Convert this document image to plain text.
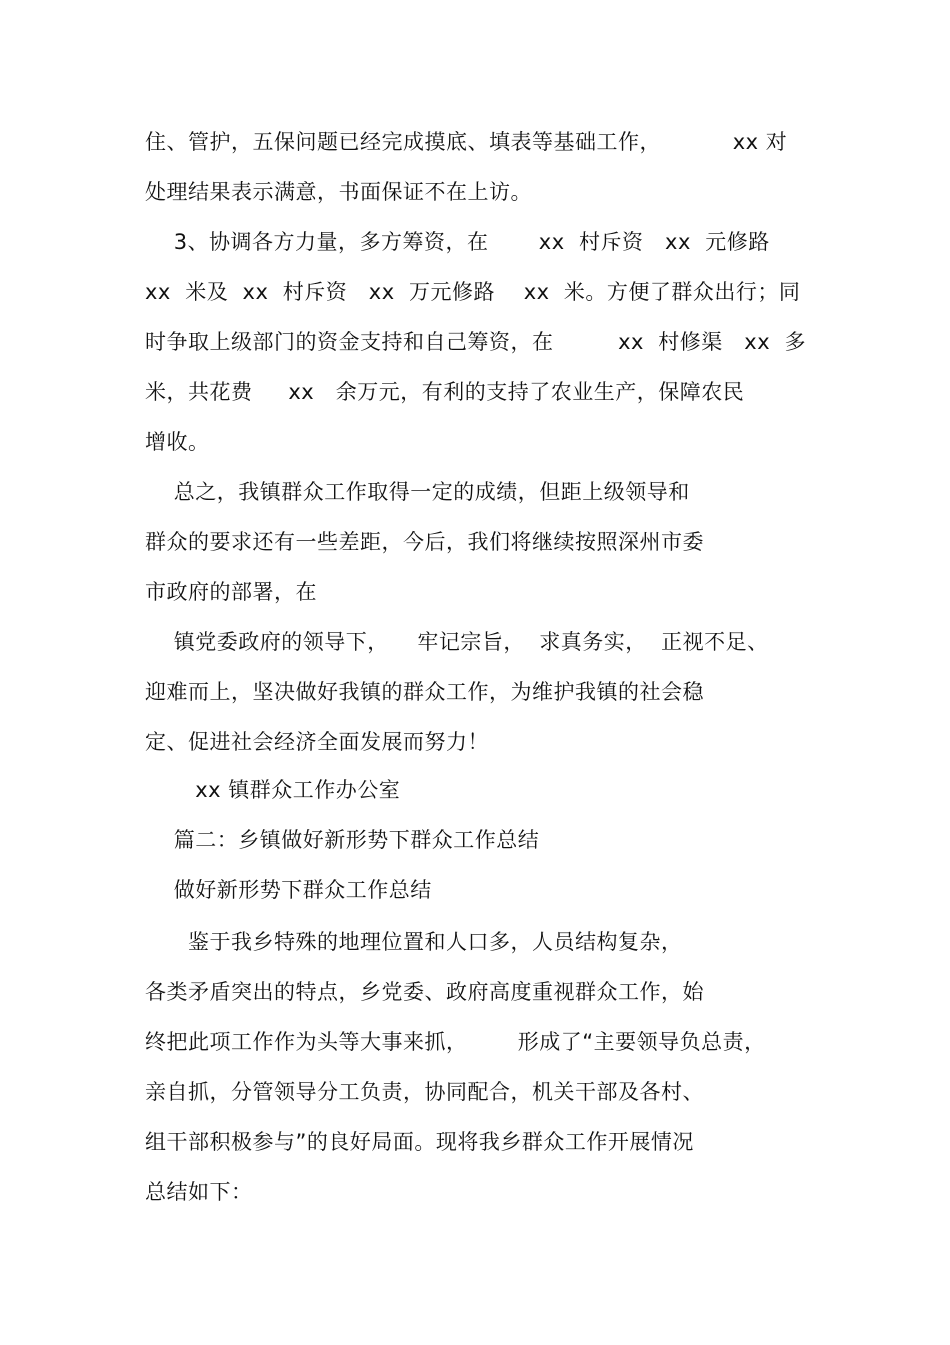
住、管护，五保问题已经完成摸底、填表等基础工作，          xx 对
处理结果表示满意，书面保证不在上访。
3、协调各方力量，多方筹资，在       xx  村斥资   xx  元修路
xx  米及  xx  村斥资   xx  万元修路    xx  米。方便了群众出行；同
时争取上级部门的资金支持和自己筹资，在         xx  村修渠   xx  多
米，共花费     xx   余万元，有利的支持了农业生产，保障农民
增收。
总之，我镇群众工作取得一定的成绩，但距上级领导和
群众的要求还有一些差距，今后，我们将继续按照深州市委
市政府的部署，在
镇党委政府的领导下，    牢记宗旨，  求真务实，  正视不足、
迎难而上，坚决做好我镇的群众工作，为维护我镇的社会稳
定、促进社会经济全面发展而努力！
xx 镇群众工作办公室
篇二：乡镇做好新形势下群众工作总结
做好新形势下群众工作总结
鉴于我乡特殊的地理位置和人口多，人员结构复杂，
各类矛盾突出的特点，乡党委、政府高度重视群众工作，始
终把此项工作作为头等大事来抓，       形成了“主要领导负总责，
亲自抓，分管领导分工负责，协同配合，机关干部及各村、
组干部积极参与”的良好局面。现将我乡群众工作开展情况
总结如下：
